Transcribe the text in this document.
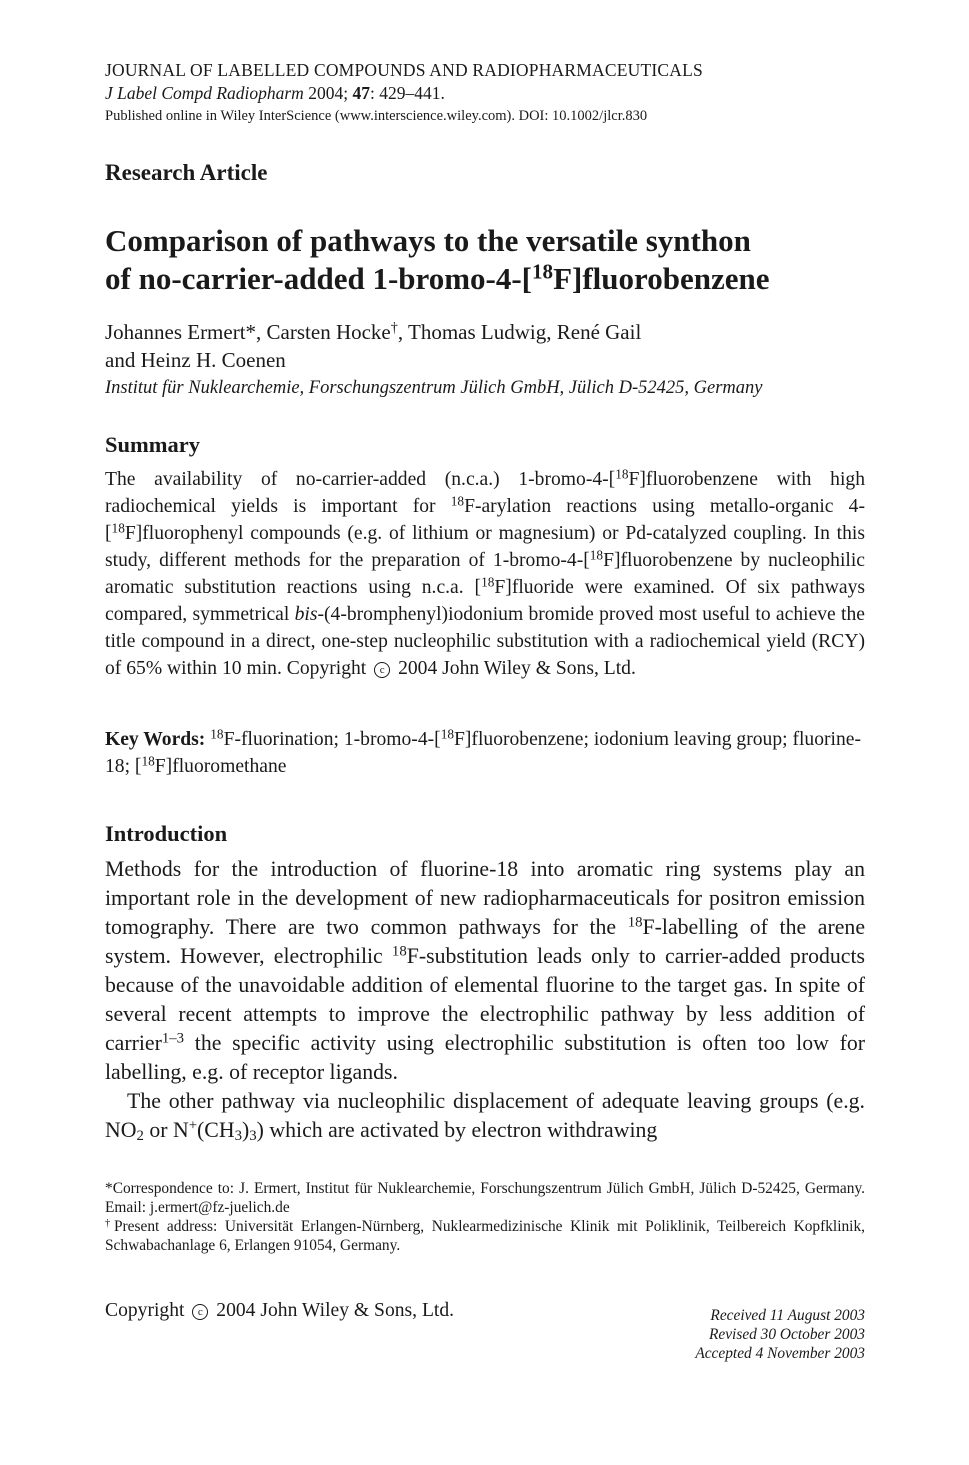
JOURNAL OF LABELLED COMPOUNDS AND RADIOPHARMACEUTICALS
J Label Compd Radiopharm 2004; 47: 429–441.
Published online in Wiley InterScience (www.interscience.wiley.com). DOI: 10.1002/jlcr.830
Research Article
Comparison of pathways to the versatile synthon
of no-carrier-added 1-bromo-4-[$^{18}$F]fluorobenzene
Johannes Ermert*, Carsten Hocke†, Thomas Ludwig, René Gail
and Heinz H. Coenen
Institut für Nuklearchemie, Forschungszentrum Jülich GmbH, Jülich D-52425, Germany
Summary
The availability of no-carrier-added (n.c.a.) 1-bromo-4-[$^{18}$F]fluorobenzene with high radiochemical yields is important for $^{18}$F-arylation reactions using metallo-organic 4-[$^{18}$F]fluorophenyl compounds (e.g. of lithium or magnesium) or Pd-catalyzed coupling. In this study, different methods for the preparation of 1-bromo-4-[$^{18}$F]fluorobenzene by nucleophilic aromatic substitution reactions using n.c.a. [$^{18}$F]fluoride were examined. Of six pathways compared, symmetrical bis-(4-bromphenyl)iodonium bromide proved most useful to achieve the title compound in a direct, one-step nucleophilic substitution with a radiochemical yield (RCY) of 65% within 10 min. Copyright c 2004 John Wiley & Sons, Ltd.
Key Words: $^{18}$F-fluorination; 1-bromo-4-[$^{18}$F]fluorobenzene; iodonium leaving group; fluorine-18; [$^{18}$F]fluoromethane
Introduction

Methods for the introduction of fluorine-18 into aromatic ring systems play an important role in the development of new radiopharmaceuticals for positron emission tomography. There are two common pathways for the $^{18}$F-labelling of the arene system. However, electrophilic $^{18}$F-substitution leads only to carrier-added products because of the unavoidable addition of elemental fluorine to the target gas. In spite of several recent attempts to improve the electrophilic pathway by less addition of carrier$^{1-3}$ the specific activity using electrophilic substitution is often too low for labelling, e.g. of receptor ligands.

The other pathway via nucleophilic displacement of adequate leaving groups (e.g. $NO_2$ or $N^+(CH_3)_3$) which are activated by electron withdrawing

*Correspondence to: J. Ermert, Institut für Nuklearchemie, Forschungszentrum Jülich GmbH, Jülich D-52425, Germany. Email: j.ermert@fz-juelich.de

†Present address: Universität Erlangen-Nürnberg, Nuklearmedizinische Klinik mit Poliklinik, Teilbereich Kopfklinik, Schwabachanlage 6, Erlangen 91054, Germany.

Copyright c 2004 John Wiley & Sons, Ltd.	Received 11 August 2003
Revised 30 October 2003
Accepted 4 November 2003
